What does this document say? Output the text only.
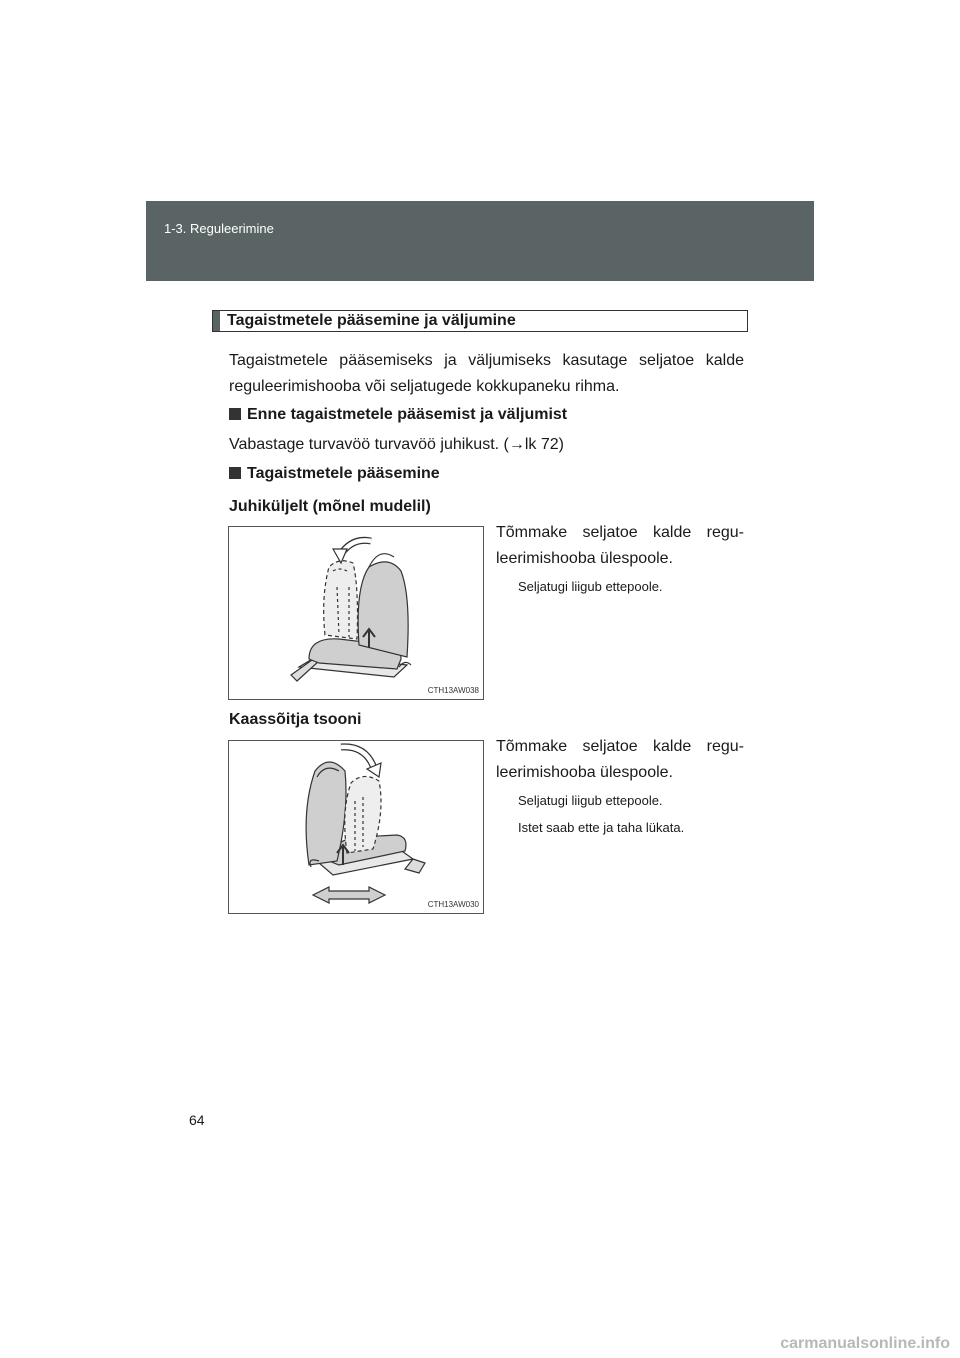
1-3. Reguleerimine
Tagaistmetele pääsemine ja väljumine
Tagaistmetele pääsemiseks ja väljumiseks kasutage seljatoe kalde reguleerimishooba või seljatugede kokkupaneku rihma.
Enne tagaistmetele pääsemist ja väljumist
Vabastage turvavöö turvavöö juhikust. (→lk 72)
Tagaistmetele pääsemine
Juhiküljelt (mõnel mudelil)
CTH13AW038
Tõmmake seljatoe kalde regu-
leerimishooba ülespoole.
Seljatugi liigub ettepoole.
Kaassõitja tsooni
CTH13AW030
Tõmmake seljatoe kalde regu-
leerimishooba ülespoole.
Seljatugi liigub ettepoole.
Istet saab ette ja taha lükata.
64
carmanualsonline.info
